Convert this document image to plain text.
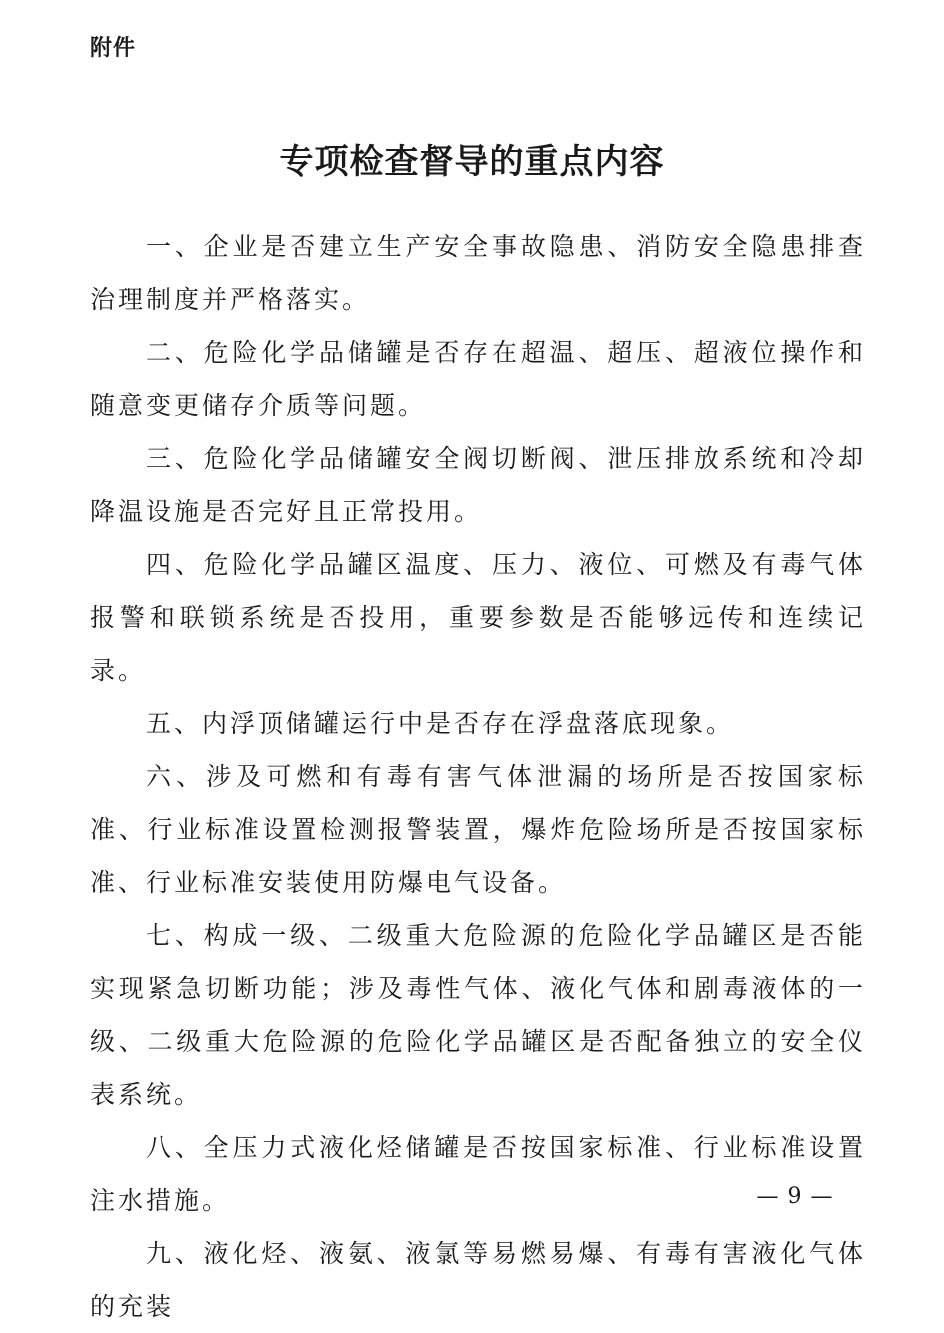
附件
专项检查督导的重点内容

一、企业是否建立生产安全事故隐患、消防安全隐患排查治理制度并严格落实。

二、危险化学品储罐是否存在超温、超压、超液位操作和随意变更储存介质等问题。

三、危险化学品储罐安全阀切断阀、泄压排放系统和冷却降温设施是否完好且正常投用。

四、危险化学品罐区温度、压力、液位、可燃及有毒气体报警和联锁系统是否投用，重要参数是否能够远传和连续记录。

五、内浮顶储罐运行中是否存在浮盘落底现象。

六、涉及可燃和有毒有害气体泄漏的场所是否按国家标准、行业标准设置检测报警装置，爆炸危险场所是否按国家标准、行业标准安装使用防爆电气设备。

七、构成一级、二级重大危险源的危险化学品罐区是否能实现紧急切断功能；涉及毒性气体、液化气体和剧毒液体的一级、二级重大危险源的危险化学品罐区是否配备独立的安全仪表系统。

八、全压力式液化烃储罐是否按国家标准、行业标准设置注水措施。

九、液化烃、液氨、液氯等易燃易爆、有毒有害液化气体的充装

— 9 —
